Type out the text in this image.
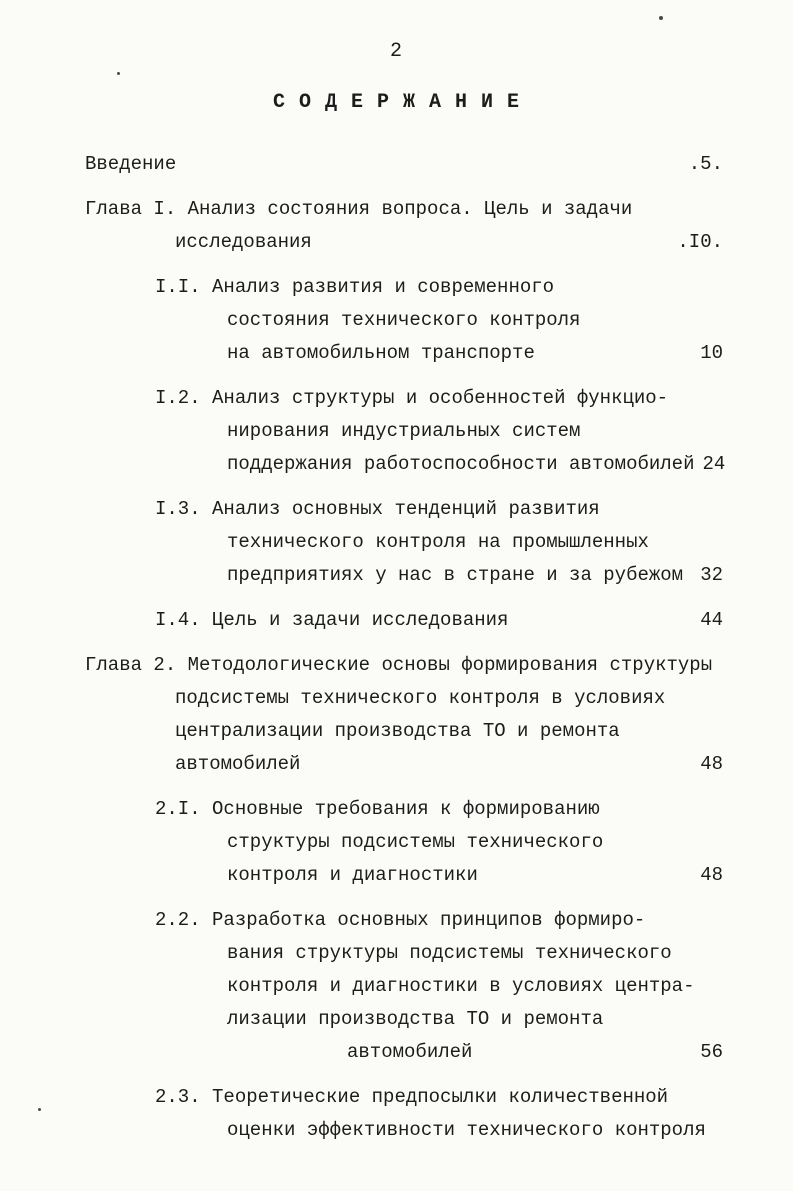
2
С О Д Е Р Ж А Н И Е
Введение	.5.
Глава I. Анализ состояния вопроса. Цель и задачи
исследования	.I0.
I.I. Анализ развития и современного
состояния технического контроля
на автомобильном транспорте	10
I.2. Анализ структуры и особенностей функцио-
нирования индустриальных систем
поддержания работоспособности автомобилей 24
I.3. Анализ основных тенденций развития
технического контроля на промышленных
предприятиях у нас в стране и за рубежом 32
I.4. Цель и задачи исследования	44
Глава 2. Методологические основы формирования структуры
подсистемы технического контроля в условиях
централизации производства ТО и ремонта
автомобилей	48
2.I. Основные требования к формированию
структуры подсистемы технического
контроля и диагностики	48
2.2. Разработка основных принципов формиро-
вания структуры подсистемы технического
контроля и диагностики в условиях центра-
лизации производства ТО и ремонта
автомобилей	56
2.3. Теоретические предпосылки количественной
оценки эффективности технического контроля
